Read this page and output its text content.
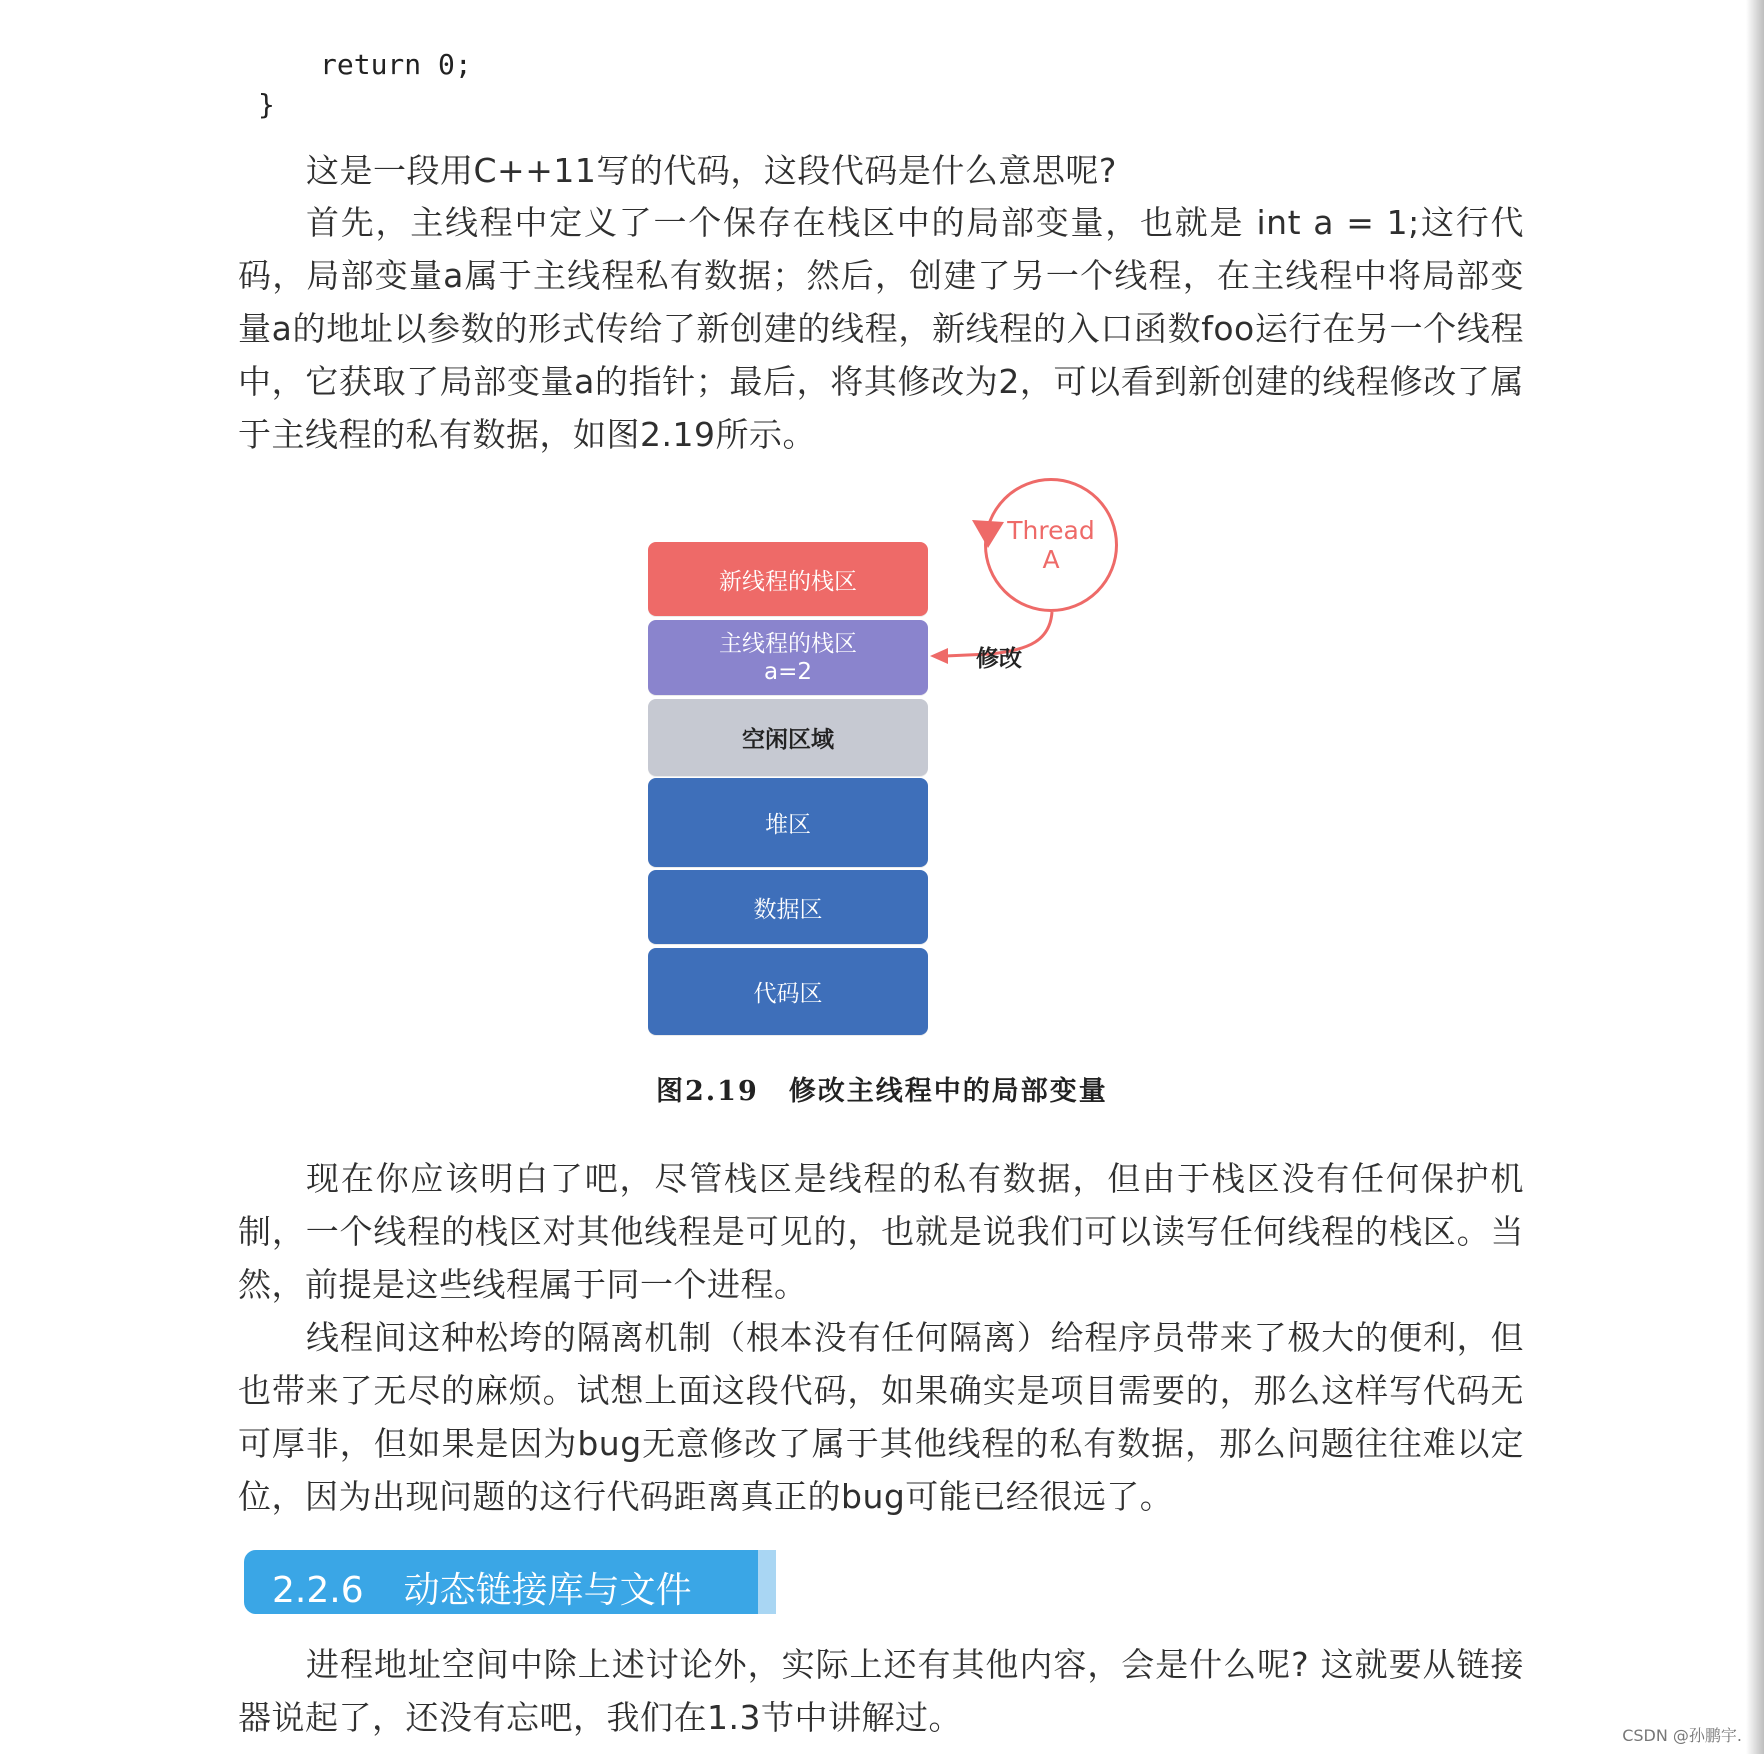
return 0;
}

这是一段用C++11写的代码，这段代码是什么意思呢?

首先，主线程中定义了一个保存在栈区中的局部变量，也就是 int a = 1;这行代码，局部变量a属于主线程私有数据；然后，创建了另一个线程，在主线程中将局部变量a的地址以参数的形式传给了新创建的线程，新线程的入口函数foo运行在另一个线程中，它获取了局部变量a的指针；最后，将其修改为2，可以看到新创建的线程修改了属于主线程的私有数据，如图2.19所示。

新线程的栈区
主线程的栈区
a=2
空闲区域
堆区
数据区
代码区
Thread
A
修改
图2.19 修改主线程中的局部变量

现在你应该明白了吧，尽管栈区是线程的私有数据，但由于栈区没有任何保护机制，一个线程的栈区对其他线程是可见的，也就是说我们可以读写任何线程的栈区。当然，前提是这些线程属于同一个进程。

线程间这种松垮的隔离机制（根本没有任何隔离）给程序员带来了极大的便利，但也带来了无尽的麻烦。试想上面这段代码，如果确实是项目需要的，那么这样写代码无可厚非，但如果是因为bug无意修改了属于其他线程的私有数据，那么问题往往难以定位，因为出现问题的这行代码距离真正的bug可能已经很远了。

2.2.6 动态链接库与文件

进程地址空间中除上述讨论外，实际上还有其他内容，会是什么呢? 这就要从链接器说起了，还没有忘吧，我们在1.3节中讲解过。	CSDN @孙鹏宇.
